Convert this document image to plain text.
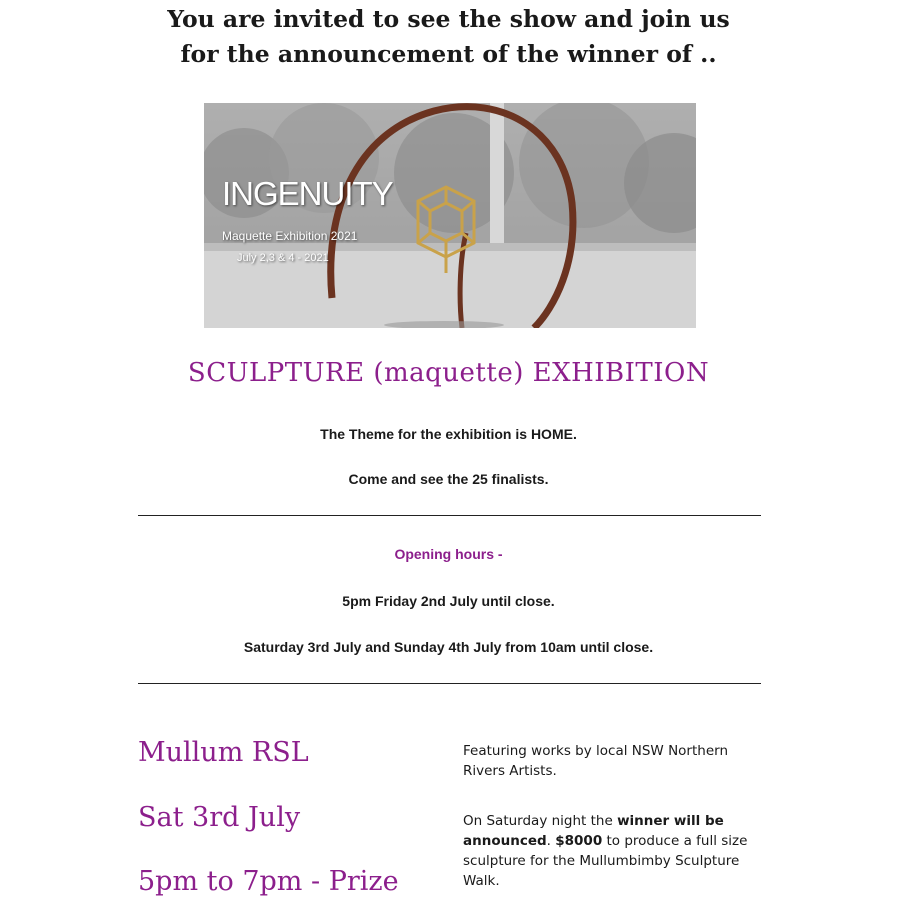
You are invited to see the show and join us
for the announcement of the winner of ..
INGENUITY
Maquette Exhibition 2021
July 2,3 & 4 - 2021
SCULPTURE (maquette) EXHIBITION
The Theme for the exhibition is HOME.
Come and see the 25 finalists.
Opening hours -
5pm Friday 2nd July until close.
Saturday 3rd July and Sunday 4th July from 10am until close.
Mullum RSL
Sat 3rd July
5pm to 7pm - Prize
Featuring works by local NSW Northern Rivers Artists.
On Saturday night the winner will be announced. $8000 to produce a full size sculpture for the Mullumbimby Sculpture Walk.
